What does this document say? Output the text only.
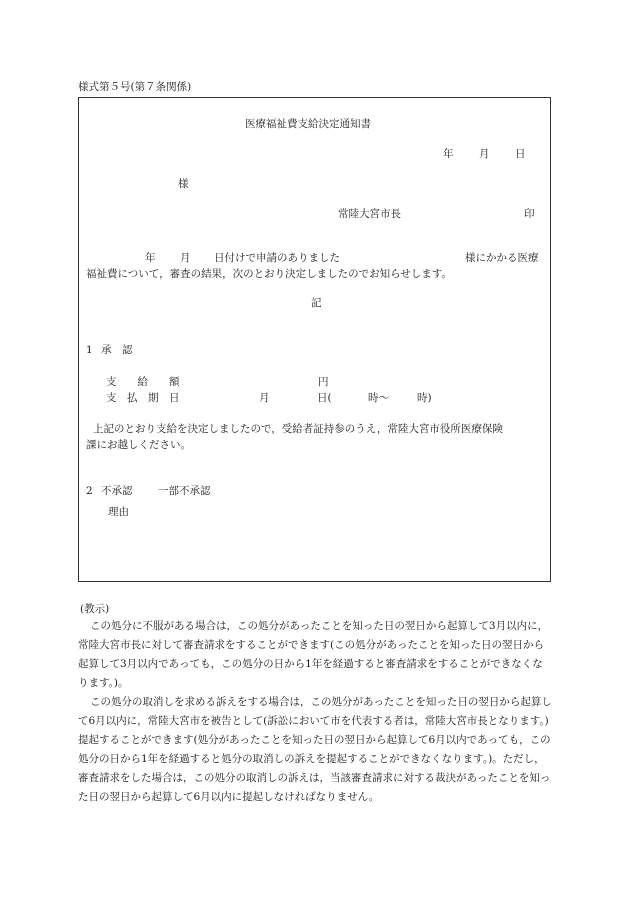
様式第５号(第７条関係)
医療福祉費支給決定通知書
年 月 日
様
常陸大宮市長	印
年 月 日付けで申請のありました	様にかかる医療
福祉費について，審査の結果，次のとおり決定しましたのでお知らせします。
記
1 承　認
支　　給　　額	円
支　払　期　日	月	日(	時～	時)
上記のとおり支給を決定しましたので，受給者証持参のうえ，常陸大宮市役所医療保険
課にお越しください。
2 不承認 一部不承認
理由
(教示)

この処分に不服がある場合は，この処分があったことを知った日の翌日から起算して3月以内に，常陸大宮市長に対して審査請求をすることができます(この処分があったことを知った日の翌日から起算して3月以内であっても，この処分の日から1年を経過すると審査請求をすることができなくなります。)。

この処分の取消しを求める訴えをする場合は，この処分があったことを知った日の翌日から起算して6月以内に，常陸大宮市を被告として(訴訟において市を代表する者は，常陸大宮市長となります。)提起することができます(処分があったことを知った日の翌日から起算して6月以内であっても，この処分の日から1年を経過すると処分の取消しの訴えを提起することができなくなります。)。ただし，審査請求をした場合は，この処分の取消しの訴えは，当該審査請求に対する裁決があったことを知った日の翌日から起算して6月以内に提起しなければなりません。
